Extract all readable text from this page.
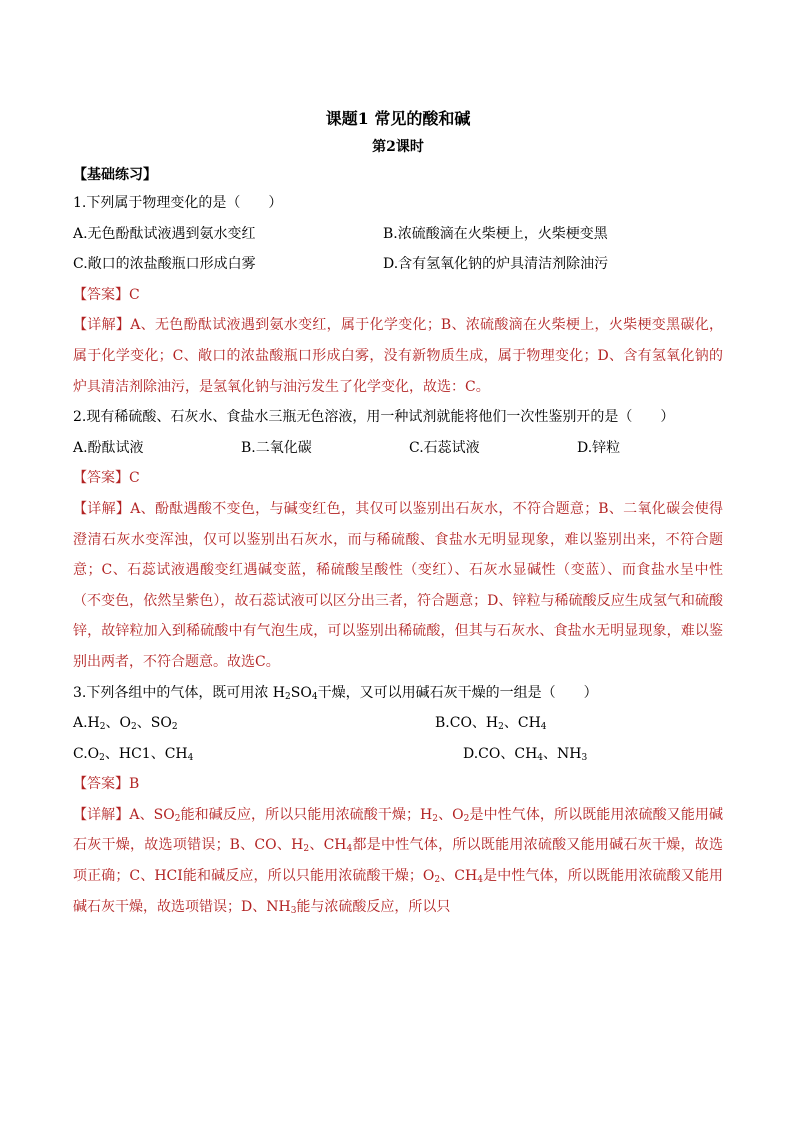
课题1 常见的酸和碱
第2课时
【基础练习】
1.下列属于物理变化的是（　　）
A.无色酚酞试液遇到氨水变红	B.浓硫酸滴在火柴梗上，火柴梗变黑
C.敞口的浓盐酸瓶口形成白雾	D.含有氢氧化钠的炉具清洁剂除油污
【答案】C
【详解】A、无色酚酞试液遇到氨水变红，属于化学变化；B、浓硫酸滴在火柴梗上，火柴梗变黑碳化，属于化学变化；C、敞口的浓盐酸瓶口形成白雾，没有新物质生成，属于物理变化；D、含有氢氧化钠的炉具清洁剂除油污，是氢氧化钠与油污发生了化学变化，故选：C。
2.现有稀硫酸、石灰水、食盐水三瓶无色溶液，用一种试剂就能将他们一次性鉴别开的是（　　）
A.酚酞试液	B.二氧化碳	C.石蕊试液	D.锌粒
【答案】C
【详解】A、酚酞遇酸不变色，与碱变红色，其仅可以鉴别出石灰水，不符合题意；B、二氧化碳会使得澄清石灰水变浑浊，仅可以鉴别出石灰水，而与稀硫酸、食盐水无明显现象，难以鉴别出来，不符合题意；C、石蕊试液遇酸变红遇碱变蓝，稀硫酸呈酸性（变红）、石灰水显碱性（变蓝）、而食盐水呈中性（不变色，依然呈紫色），故石蕊试液可以区分出三者，符合题意；D、锌粒与稀硫酸反应生成氢气和硫酸锌，故锌粒加入到稀硫酸中有气泡生成，可以鉴别出稀硫酸，但其与石灰水、食盐水无明显现象，难以鉴别出两者，不符合题意。故选C。
3.下列各组中的气体，既可用浓 $H_2SO_4$干燥，又可以用碱石灰干燥的一组是（　　）
$A.H_2$、$O_2$、$SO_2$	B.CO、$H_2$、$CH_4$
$C.O_2$、HC1、$CH_4$	D.CO、$CH_4$、$NH_3$
【答案】B
【详解】A、$SO_2$能和碱反应，所以只能用浓硫酸干燥；$H_2$、$O_2$是中性气体，所以既能用浓硫酸又能用碱石灰干燥，故选项错误；B、CO、$H_2$、$CH_4$都是中性气体，所以既能用浓硫酸又能用碱石灰干燥，故选项正确；C、HCI能和碱反应，所以只能用浓硫酸干燥；$O_2$、$CH_4$是中性气体，所以既能用浓硫酸又能用碱石灰干燥，故选项错误；D、$NH_3$能与浓硫酸反应，所以只
